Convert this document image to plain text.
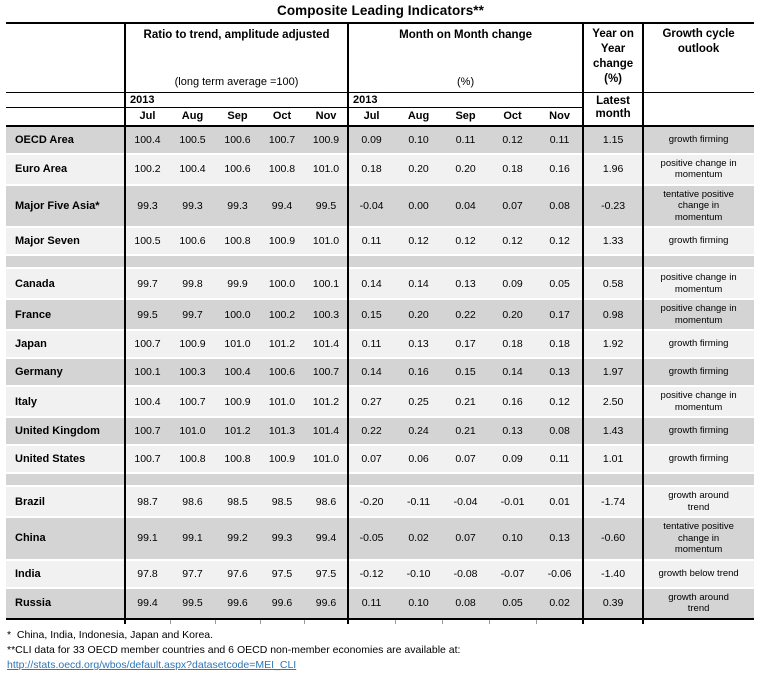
Composite Leading Indicators**

Ratio to trend, amplitude adjusted
(long term average =100)

Month on Month change
(%)
	Year on Year change (%)	Growth cycle outlook
	2013					2013					Latest month	
	Jul	Aug	Sep	Oct	Nov	Jul	Aug	Sep	Oct	Nov		
OECD Area	100.4	100.5	100.6	100.7	100.9	0.09	0.10	0.11	0.12	0.11	1.15	growth firming
Euro Area	100.2	100.4	100.6	100.8	101.0	0.18	0.20	0.20	0.18	0.16	1.96	positive change in momentum
Major Five Asia*	99.3	99.3	99.3	99.4	99.5	-0.04	0.00	0.04	0.07	0.08	-0.23	tentative positive change in momentum
Major Seven	100.5	100.6	100.8	100.9	101.0	0.11	0.12	0.12	0.12	0.12	1.33	growth firming

Canada	99.7	99.8	99.9	100.0	100.1	0.14	0.14	0.13	0.09	0.05	0.58	positive change in momentum
France	99.5	99.7	100.0	100.2	100.3	0.15	0.20	0.22	0.20	0.17	0.98	positive change in momentum
Japan	100.7	100.9	101.0	101.2	101.4	0.11	0.13	0.17	0.18	0.18	1.92	growth firming
Germany	100.1	100.3	100.4	100.6	100.7	0.14	0.16	0.15	0.14	0.13	1.97	growth firming
Italy	100.4	100.7	100.9	101.0	101.2	0.27	0.25	0.21	0.16	0.12	2.50	positive change in momentum
United Kingdom	100.7	101.0	101.2	101.3	101.4	0.22	0.24	0.21	0.13	0.08	1.43	growth firming
United States	100.7	100.8	100.8	100.9	101.0	0.07	0.06	0.07	0.09	0.11	1.01	growth firming

Brazil	98.7	98.6	98.5	98.5	98.6	-0.20	-0.11	-0.04	-0.01	0.01	-1.74	growth around trend
China	99.1	99.1	99.2	99.3	99.4	-0.05	0.02	0.07	0.10	0.13	-0.60	tentative positive change in momentum
India	97.8	97.7	97.6	97.5	97.5	-0.12	-0.10	-0.08	-0.07	-0.06	-1.40	growth below trend
Russia	99.4	99.5	99.6	99.6	99.6	0.11	0.10	0.08	0.05	0.02	0.39	growth around trend

*  China, India, Indonesia, Japan and Korea.
**CLI data for 33 OECD member countries and 6 OECD non-member economies are available at:
http://stats.oecd.org/wbos/default.aspx?datasetcode=MEI_CLI
